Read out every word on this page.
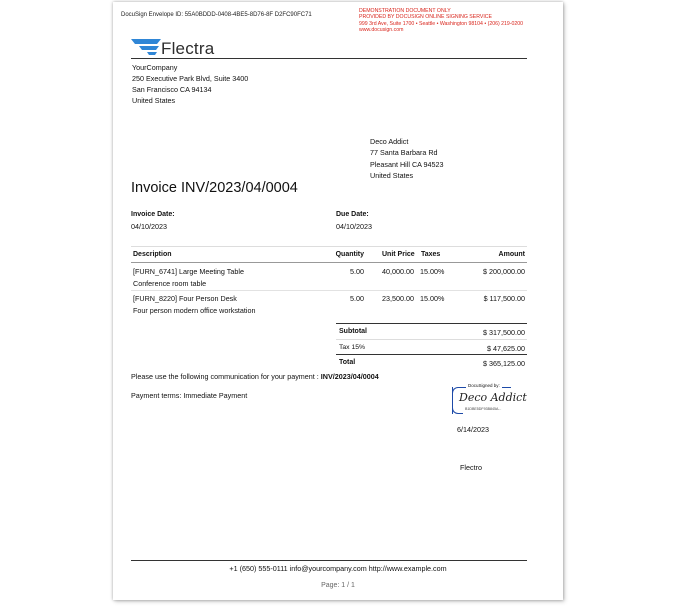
DocuSign Envelope ID: 55A0BDDD-0408-4BE5-8D76-8F D2FC90FC71
DEMONSTRATION DOCUMENT ONLY
PROVIDED BY DOCUSIGN ONLINE SIGNING SERVICE
999 3rd Ave, Suite 1700 • Seattle • Washington 98104 • (206) 219-0200
www.docusign.com
Flectra
YourCompany
250 Executive Park Blvd, Suite 3400
San Francisco CA 94134
United States
Deco Addict
77 Santa Barbara Rd
Pleasant Hill CA 94523
United States
Invoice INV/2023/04/0004
Invoice Date:
04/10/2023
Due Date:
04/10/2023
Description	Quantity	Unit Price Taxes	Amount
[FURN_6741] Large Meeting Table
Conference room table
5.00	40,000.00 15.00%	$ 200,000.00
[FURN_8220] Four Person Desk
Four person modern office workstation
5.00	23,500.00 15.00%	$ 117,500.00
Subtotal	$ 317,500.00
Tax 15%	$ 47,625.00
Total	$ 365,125.00
Please use the following communication for your payment : INV/2023/04/0004
Payment terms: Immediate Payment
DocuSigned by:
Deco Addict
B1DBE5DF93B845A...
6/14/2023
Flectro
+1 (650) 555-0111 info@yourcompany.com http://www.example.com
Page: 1 / 1
